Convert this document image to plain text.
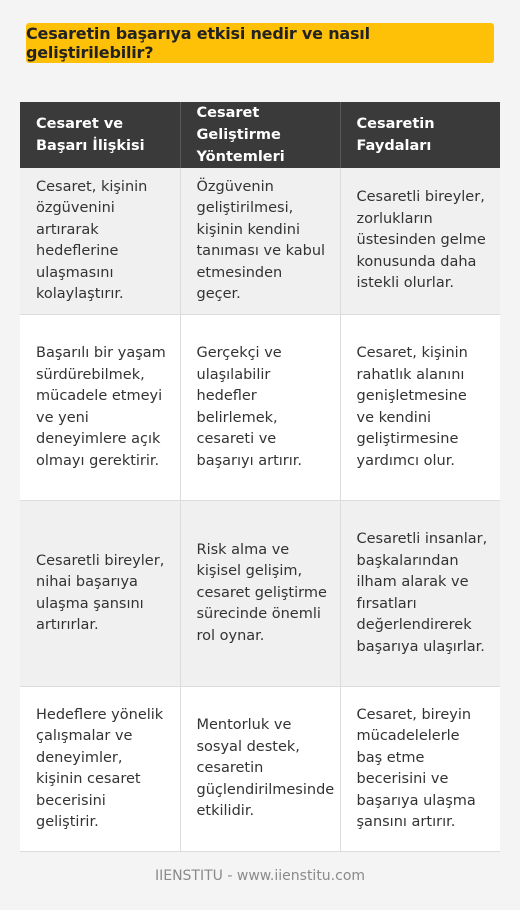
Cesaretin başarıya etkisi nedir ve nasıl geliştirilebilir?
Cesaret ve Başarı İlişkisi	Cesaret Geliştirme Yöntemleri	Cesaretin Faydaları
Cesaret, kişinin özgüvenini artırarak hedeflerine ulaşmasını kolaylaştırır.	Özgüvenin geliştirilmesi, kişinin kendini tanıması ve kabul etmesinden geçer.	Cesaretli bireyler, zorlukların üstesinden gelme konusunda daha istekli olurlar.
Başarılı bir yaşam sürdürebilmek, mücadele etmeyi ve yeni deneyimlere açık olmayı gerektirir.	Gerçekçi ve ulaşılabilir hedefler belirlemek, cesareti ve başarıyı artırır.	Cesaret, kişinin rahatlık alanını genişletmesine ve kendini geliştirmesine yardımcı olur.
Cesaretli bireyler, nihai başarıya ulaşma şansını artırırlar.	Risk alma ve kişisel gelişim, cesaret geliştirme sürecinde önemli rol oynar.	Cesaretli insanlar, başkalarından ilham alarak ve fırsatları değerlendirerek başarıya ulaşırlar.
Hedeflere yönelik çalışmalar ve deneyimler, kişinin cesaret becerisini geliştirir.	Mentorluk ve sosyal destek, cesaretin güçlendirilmesinde etkilidir.	Cesaret, bireyin mücadelelerle baş etme becerisini ve başarıya ulaşma şansını artırır.
IIENSTITU - www.iienstitu.com
